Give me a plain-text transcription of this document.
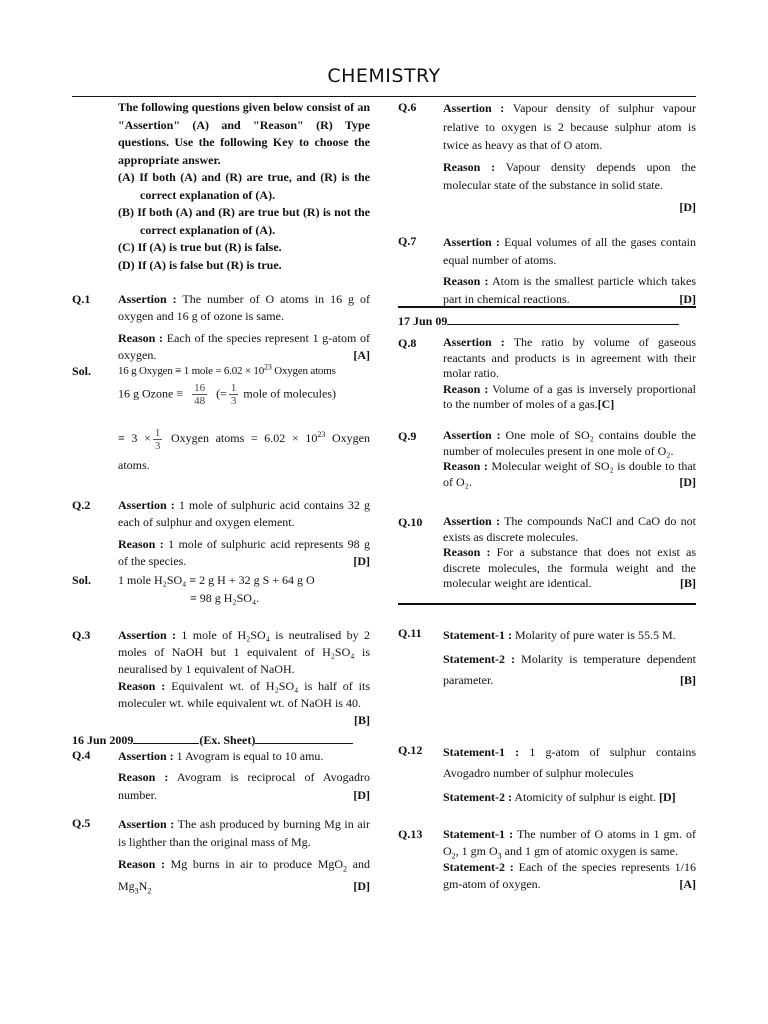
CHEMISTRY

The following questions given below consist of an "Assertion" (A) and "Reason" (R) Type questions. Use the following Key to choose the appropriate answer.

(A) If both (A) and (R) are true, and (R) is the correct explanation of (A).

(B) If both (A) and (R) are true but (R) is not the correct explanation of (A).

(C) If (A) is true but (R) is false.

(D) If (A) is false but (R) is true.

Q.1 Assertion : The number of O atoms in 16 g of oxygen and 16 g of ozone is same.

Reason : Each of the species represent 1 g-atom of oxygen.	[A]

Sol. 16 g Oxygen ≡ 1 mole = $6.02 \times 10^{23}$ Oxygen atoms
16 g Ozone ≡ $\frac{16}{48}$ (= $\frac{1}{3}$ mole of molecules)
≡ $3 \times \frac{1}{3}$ Oxygen atoms = $6.02 \times 10^{23}$ Oxygen atoms.
Q.2 Assertion : 1 mole of sulphuric acid contains 32 g each of sulphur and oxygen element.

Reason : 1 mole of sulphuric acid represents 98 g of the species.	[D]

Sol. 1 mole H₂SO₄ ≡ 2 g H + 32 g S + 64 g O
≡ 98 g H₂SO₄.
Q.3 Assertion : 1 mole of H₂SO₄ is neutralised by 2 moles of NaOH but 1 equivalent of H₂SO₄ is neuralised by 1 equivalent of NaOH.

Reason : Equivalent wt. of H₂SO₄ is half of its moleculer wt. while equivalent wt. of NaOH is 40.

[B]

16 Jun 2009	(Ex. Sheet)
Q.4 Assertion : 1 Avogram is equal to 10 amu.

Reason : Avogram is reciprocal of Avogadro number.	[D]

Q.5 Assertion : The ash produced by burning Mg in air is lighther than the original mass of Mg.

Reason : Mg burns in air to produce MgO$_2$ and $Mg_3N_2$	[D]

Q.6 Assertion : Vapour density of sulphur vapour relative to oxygen is 2 because sulphur atom is twice as heavy as that of O atom.

Reason : Vapour density depends upon the molecular state of the substance in solid state.

[D]

Q.7 Assertion : Equal volumes of all the gases contain equal number of atoms.

Reason : Atom is the smallest particle which takes part in chemical reactions.	[D]

17 Jun 09
Q.8 Assertion : The ratio by volume of gaseous reactants and products is in agreement with their molar ratio.

Reason : Volume of a gas is inversely proportional to the number of moles of a gas.[C]

Q.9 Assertion : One mole of SO₂ contains double the number of molecules present in one mole of O₂.

Reason : Molecular weight of SO₂ is double to that of O₂.	[D]

Q.10 Assertion : The compounds NaCl and CaO do not exists as discrete molecules.

Reason : For a substance that does not exist as discrete molecules, the formula weight and the molecular weight are identical.	[B]

Q.11 Statement-1 : Molarity of pure water is 55.5 M.

Statement-2 : Molarity is temperature dependent parameter.	[B]

Q.12 Statement-1 : 1 g-atom of sulphur contains Avogadro number of sulphur molecules

Statement-2 : Atomicity of sulphur is eight. [D]

Q.13 Statement-1 : The number of O atoms in 1 gm. of $O_2$, 1 gm $O_3$ and 1 gm of atomic oxygen is same.

Statement-2 : Each of the species represents 1/16 gm-atom of oxygen.	[A]
